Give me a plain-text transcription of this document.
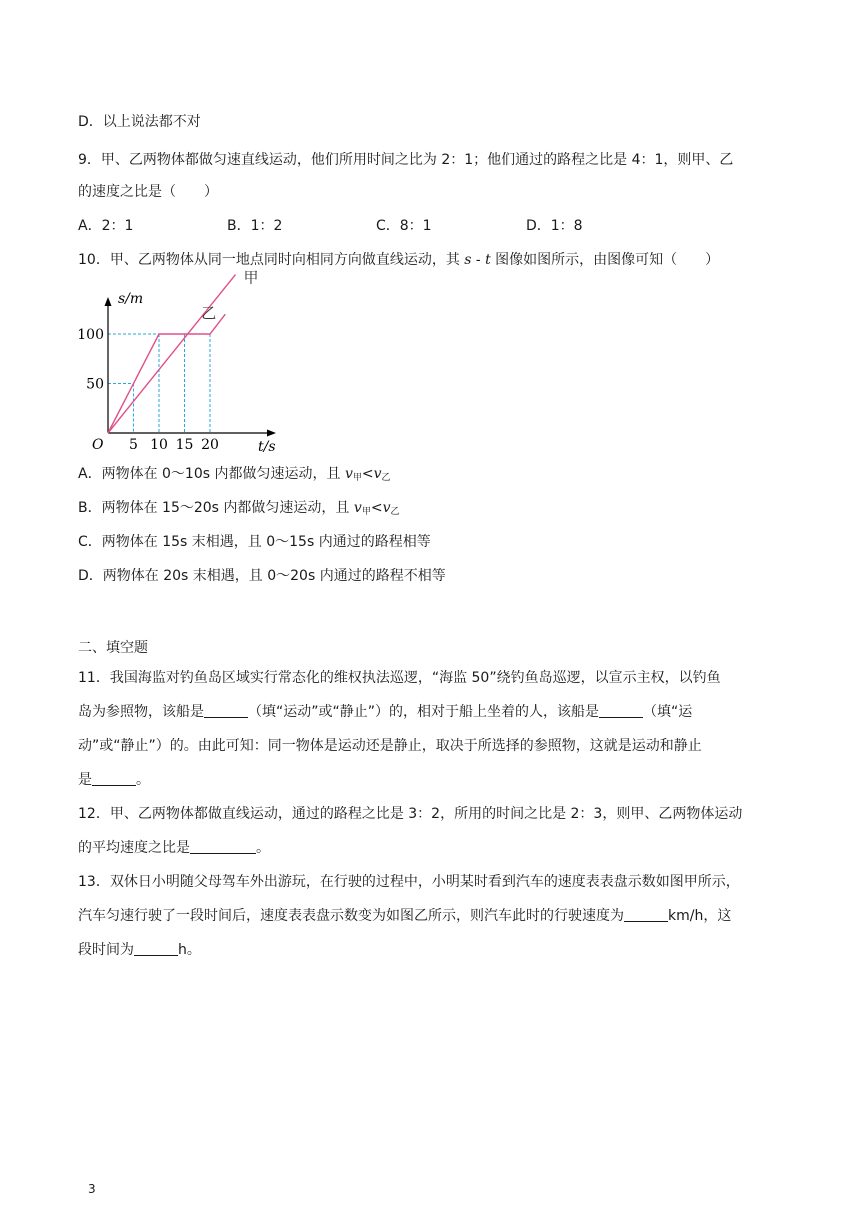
D．以上说法都不对
9．甲、乙两物体都做匀速直线运动，他们所用时间之比为 2：1；他们通过的路程之比是 4：1，则甲、乙
的速度之比是（　　）
A．2：1	B．1：2	C．8：1	D．1：8
10．甲、乙两物体从同一地点同时向相同方向做直线运动，其 s - t 图像如图所示，由图像可知（　　）
乙
甲
5 10 15 20
50
100
O	t/s
s/m
A．两物体在 0～10s 内都做匀速运动，且 $v_甲<v_乙$
B．两物体在 15～20s 内都做匀速运动，且 $v_甲<v_乙$
C．两物体在 15s 末相遇，且 0～15s 内通过的路程相等
D．两物体在 20s 末相遇，且 0～20s 内通过的路程不相等
二、填空题
11．我国海监对钓鱼岛区域实行常态化的维权执法巡逻，“海监 50”绕钓鱼岛巡逻，以宣示主权，以钓鱼
岛为参照物，该船是	（填“运动”或“静止”）的，相对于船上坐着的人，该船是	（填“运
动”或“静止”）的。由此可知：同一物体是运动还是静止，取决于所选择的参照物，这就是运动和静止
是	。
12．甲、乙两物体都做直线运动，通过的路程之比是 3：2，所用的时间之比是 2：3，则甲、乙两物体运动
的平均速度之比是	。
13．双休日小明随父母驾车外出游玩，在行驶的过程中，小明某时看到汽车的速度表表盘示数如图甲所示，
汽车匀速行驶了一段时间后，速度表表盘示数变为如图乙所示，则汽车此时的行驶速度为	km/h，这
段时间为	h。
3
